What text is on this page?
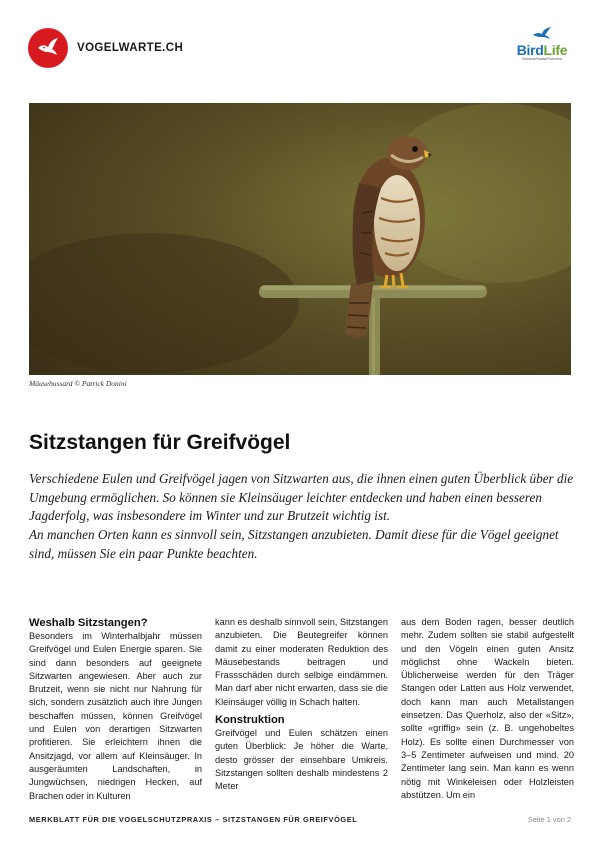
VOGELWARTE.CH	BirdLife
Schweiz/Suisse/Svizzera
Mäusebussard © Patrick Donini
Sitzstangen für Greifvögel

Verschiedene Eulen und Greifvögel jagen von Sitzwarten aus, die ihnen einen guten Überblick über die Umgebung ermöglichen. So können sie Kleinsäuger leichter entdecken und haben einen besseren Jagderfolg, was insbesondere im Winter und zur Brutzeit wichtig ist.

An manchen Orten kann es sinnvoll sein, Sitzstangen anzubieten. Damit diese für die Vögel geeignet sind, müssen Sie ein paar Punkte beachten.

Weshalb Sitzstangen?

Besonders im Winterhalbjahr müssen Greifvögel und Eulen Energie sparen. Sie sind dann besonders auf geeignete Sitzwarten angewiesen. Aber auch zur Brutzeit, wenn sie nicht nur Nahrung für sich, sondern zusätzlich auch ihre Jungen beschaffen müssen, können Greifvögel und Eulen von derartigen Sitzwarten profitieren. Sie erleichtern ihnen die Ansitzjagd, vor allem auf Kleinsäuger. In ausgeräumten Landschaften, in Jungwüchsen, niedrigen Hecken, auf Brachen oder in Kulturen

kann es deshalb sinnvoll sein, Sitzstangen anzubieten. Die Beutegreifer können damit zu einer moderaten Reduktion des Mäusebestands beitragen und Frassschäden durch selbige eindämmen. Man darf aber nicht erwarten, dass sie die Kleinsäuger völlig in Schach halten.

Konstruktion

Greifvögel und Eulen schätzen einen guten Überblick: Je höher die Warte, desto grösser der einsehbare Umkreis. Sitzstangen sollten deshalb mindestens 2 Meter

aus dem Boden ragen, besser deutlich mehr. Zudem sollten sie stabil aufgestellt und den Vögeln einen guten Ansitz möglichst ohne Wackeln bieten. Üblicherweise werden für den Träger Stangen oder Latten aus Holz verwendet, doch kann man auch Metallstangen einsetzen. Das Querholz, also der «Sitz», sollte «griffig» sein (z. B. ungehobeltes Holz). Es sollte einen Durchmesser von 3–5 Zentimeter aufweisen und mind. 20 Zentimeter lang sein. Man kann es wenn nötig mit Winkeleisen oder Holzleisten abstützen. Um ein

MERKBLATT FÜR DIE VOGELSCHUTZPRAXIS – SITZSTANGEN FÜR GREIFVÖGEL	Seite 1 von 2
